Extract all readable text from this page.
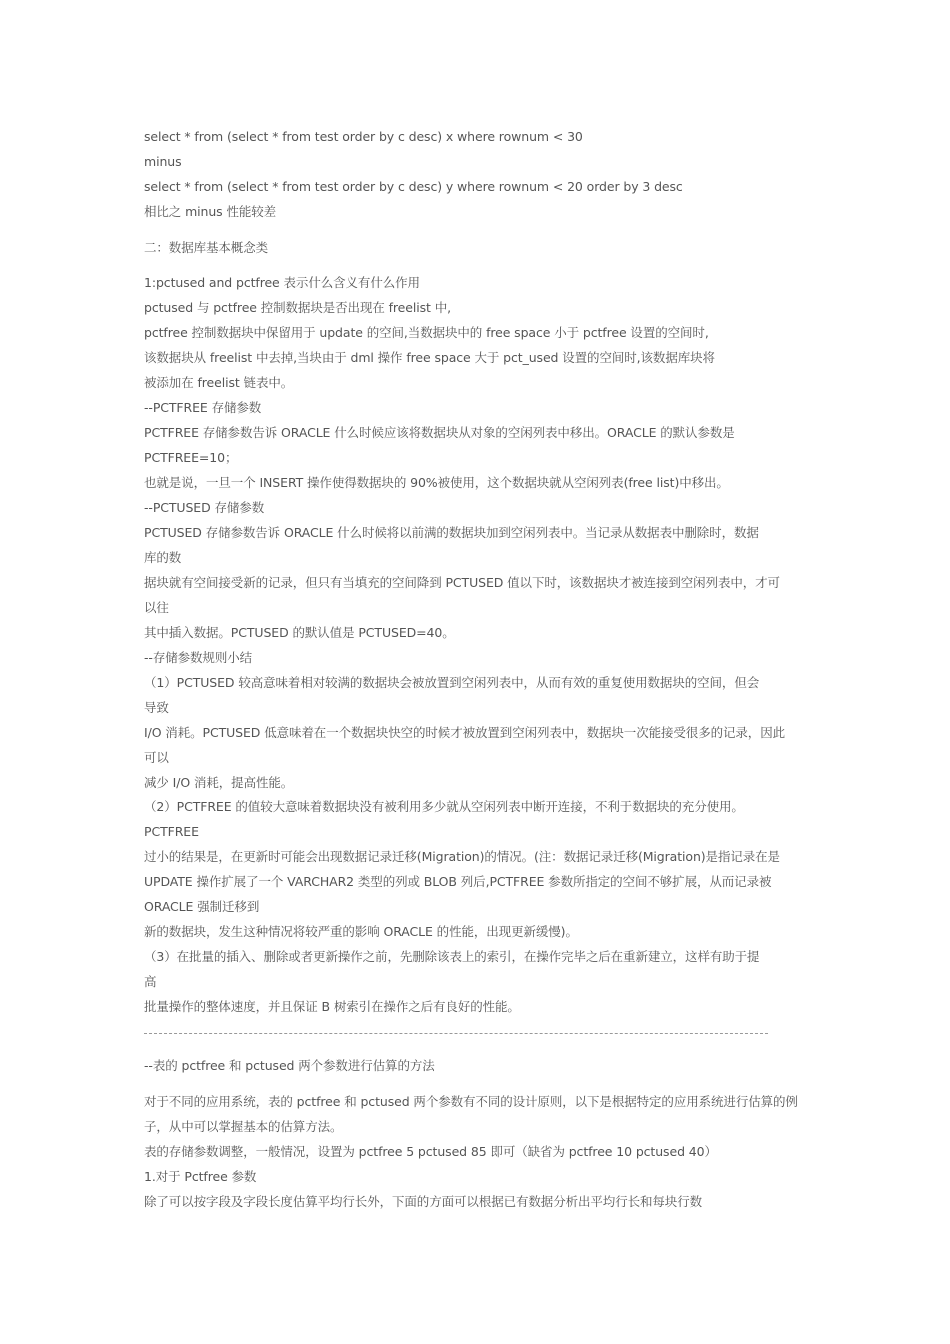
select * from (select * from test order by c desc) x where rownum < 30
minus
select * from (select * from test order by c desc) y where rownum < 20 order by 3 desc
相比之 minus 性能较差
二：数据库基本概念类
1:pctused and pctfree 表示什么含义有什么作用
pctused 与 pctfree 控制数据块是否出现在 freelist 中,
pctfree 控制数据块中保留用于 update 的空间,当数据块中的 free space 小于 pctfree 设置的空间时,
该数据块从 freelist 中去掉,当块由于 dml 操作 free space 大于 pct_used 设置的空间时,该数据库块将
被添加在 freelist 链表中。
--PCTFREE 存储参数
PCTFREE 存储参数告诉 ORACLE 什么时候应该将数据块从对象的空闲列表中移出。ORACLE 的默认参数是
PCTFREE=10；
也就是说，一旦一个 INSERT 操作使得数据块的 90%被使用，这个数据块就从空闲列表(free list)中移出。
--PCTUSED 存储参数
PCTUSED 存储参数告诉 ORACLE 什么时候将以前满的数据块加到空闲列表中。当记录从数据表中删除时，数据
库的数
据块就有空间接受新的记录，但只有当填充的空间降到 PCTUSED 值以下时，该数据块才被连接到空闲列表中，才可
以往
其中插入数据。PCTUSED 的默认值是 PCTUSED=40。
--存储参数规则小结
（1）PCTUSED 较高意味着相对较满的数据块会被放置到空闲列表中，从而有效的重复使用数据块的空间，但会
导致
I/O 消耗。PCTUSED 低意味着在一个数据块快空的时候才被放置到空闲列表中，数据块一次能接受很多的记录，因此
可以
减少 I/O 消耗，提高性能。
（2）PCTFREE 的值较大意味着数据块没有被利用多少就从空闲列表中断开连接，不利于数据块的充分使用。
PCTFREE
过小的结果是，在更新时可能会出现数据记录迁移(Migration)的情况。(注：数据记录迁移(Migration)是指记录在是
UPDATE 操作扩展了一个 VARCHAR2 类型的列或 BLOB 列后,PCTFREE 参数所指定的空间不够扩展，从而记录被
ORACLE 强制迁移到
新的数据块，发生这种情况将较严重的影响 ORACLE 的性能，出现更新缓慢)。
（3）在批量的插入、删除或者更新操作之前，先删除该表上的索引，在操作完毕之后在重新建立，这样有助于提
高
批量操作的整体速度，并且保证 B 树索引在操作之后有良好的性能。
--表的 pctfree 和 pctused 两个参数进行估算的方法
对于不同的应用系统，表的 pctfree 和 pctused 两个参数有不同的设计原则，以下是根据特定的应用系统进行估算的例
子，从中可以掌握基本的估算方法。
表的存储参数调整，一般情况，设置为 pctfree 5 pctused 85 即可（缺省为 pctfree 10 pctused 40）
1.对于 Pctfree 参数
除了可以按字段及字段长度估算平均行长外，下面的方面可以根据已有数据分析出平均行长和每块行数
